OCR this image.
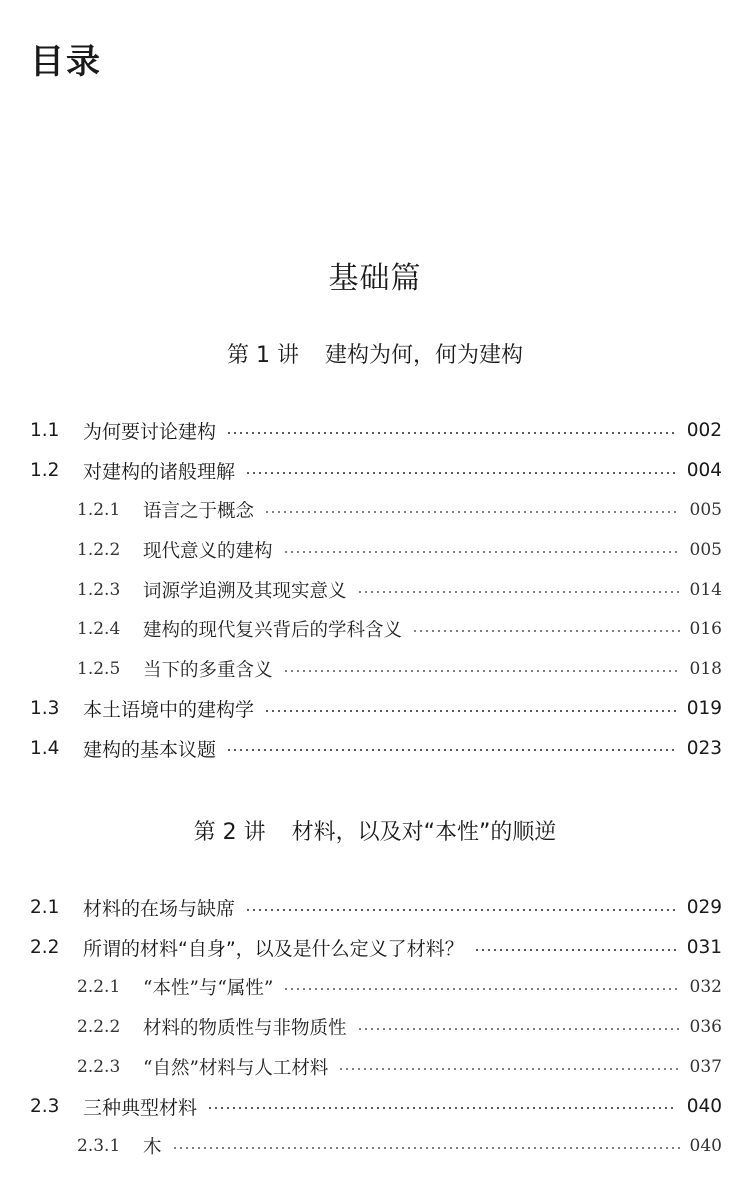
目录
基础篇
第 1 讲 建构为何，何为建构
1.1	为何要讨论建构	002
1.2	对建构的诸般理解	004
1.2.1	语言之于概念	005
1.2.2	现代意义的建构	005
1.2.3	词源学追溯及其现实意义	014
1.2.4	建构的现代复兴背后的学科含义	016
1.2.5	当下的多重含义	018
1.3	本土语境中的建构学	019
1.4	建构的基本议题	023
第 2 讲 材料，以及对“本性”的顺逆
2.1	材料的在场与缺席	029
2.2	所谓的材料“自身”，以及是什么定义了材料？	031
2.2.1	“本性”与“属性”	032
2.2.2	材料的物质性与非物质性	036
2.2.3	“自然”材料与人工材料	037
2.3	三种典型材料	040
2.3.1	木	040
